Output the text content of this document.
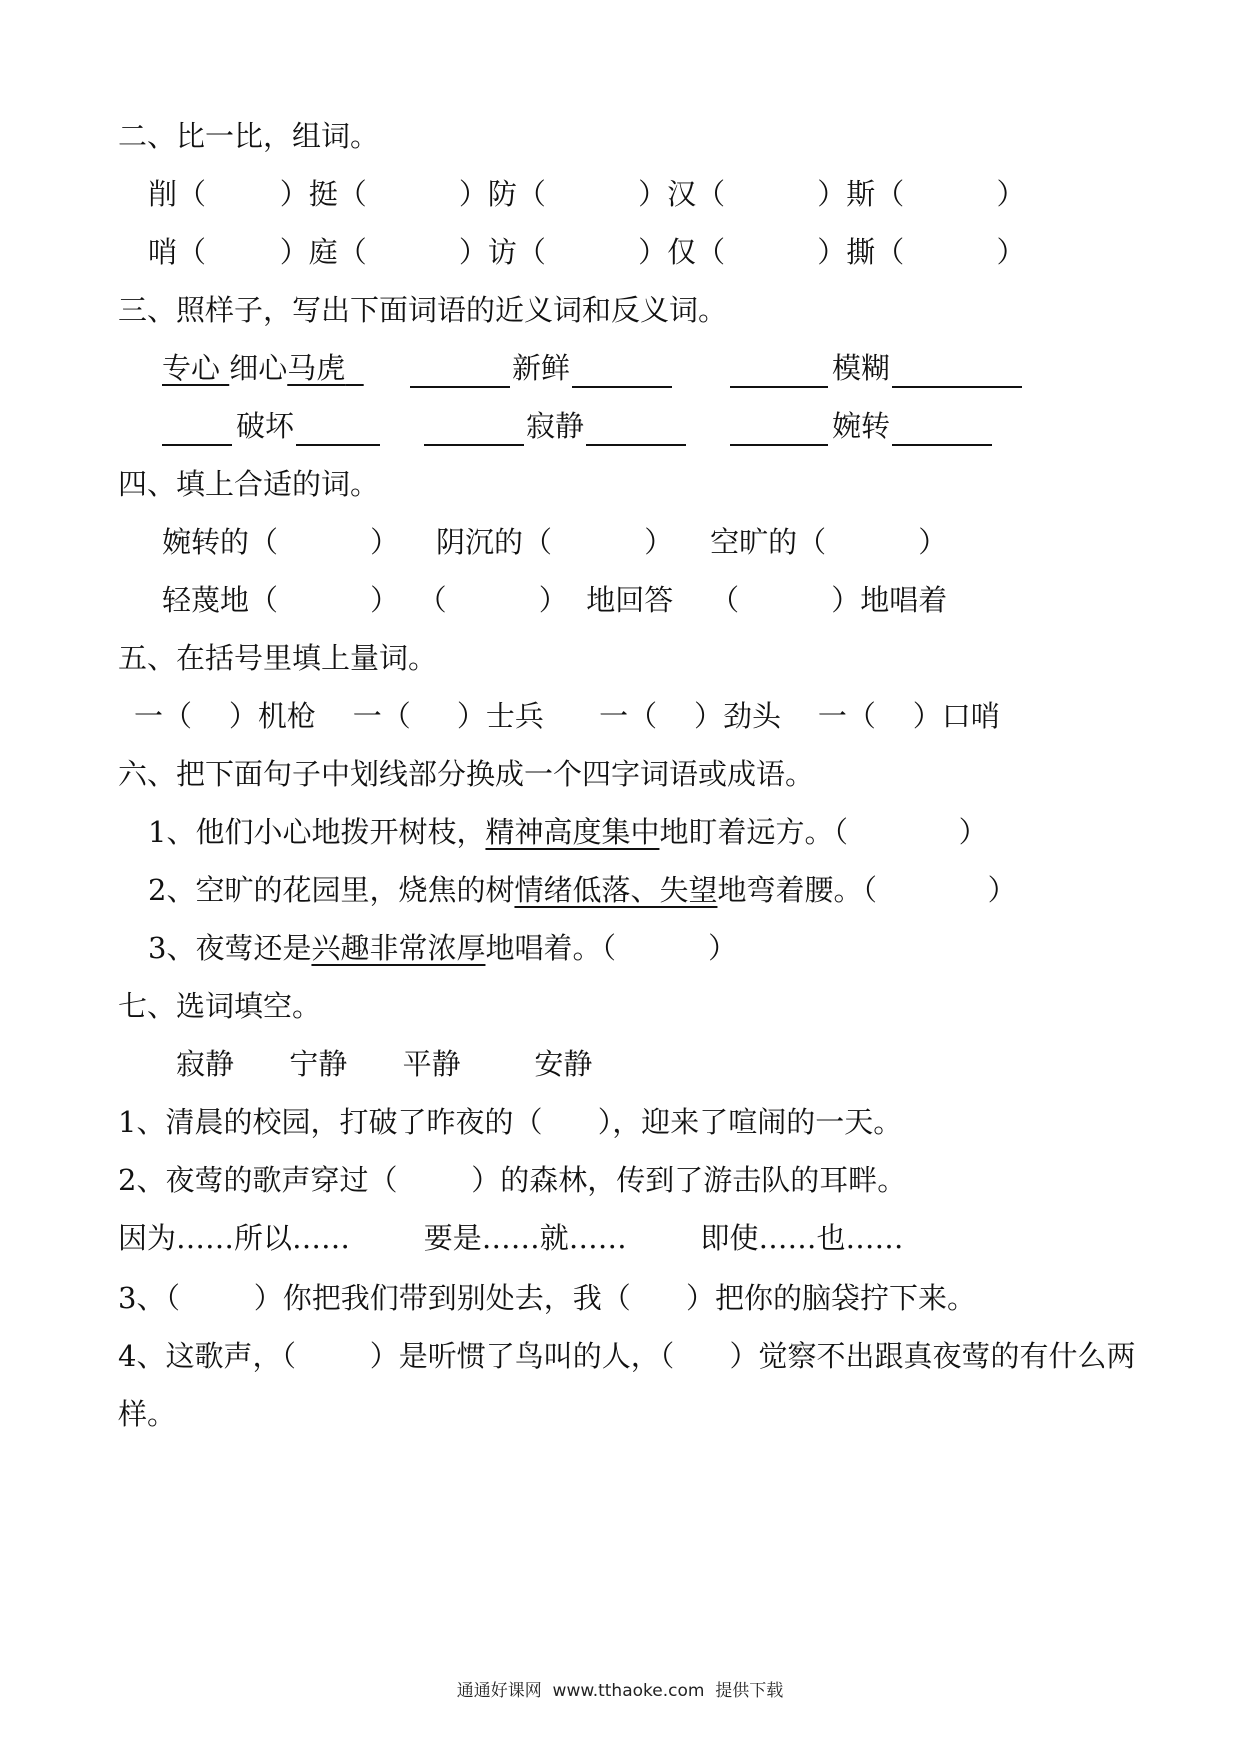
二、比一比，组词。
削（        ）挺（          ）防（          ）汉（          ）斯（          ）
哨（        ）庭（          ）访（          ）仅（          ）撕（          ）
三、照样子，写出下面词语的近义词和反义词。
专心 细心马虎	新鲜	模糊
破坏	寂静	婉转
四、填上合适的词。
婉转的（          ）    阴沉的（          ）    空旷的（          ）
轻蔑地（          ）  （          ）  地回答    （          ）地唱着
五、在括号里填上量词。
一（    ）机枪    一（     ）士兵      一（    ）劲头    一（    ）口哨
六、把下面句子中划线部分换成一个四字词语或成语。
1、他们小心地拨开树枝，精神高度集中地盯着远方。（            ）
2、空旷的花园里，烧焦的树情绪低落、失望地弯着腰。（            ）
3、夜莺还是兴趣非常浓厚地唱着。（          ）
七、选词填空。
寂静      宁静      平静        安静
1、清晨的校园，打破了昨夜的（      ），迎来了喧闹的一天。
2、夜莺的歌声穿过（        ）的森林，传到了游击队的耳畔。
因为……所以……        要是……就……        即使……也……
3、（        ）你把我们带到别处去，我（      ）把你的脑袋拧下来。
4、这歌声，（        ）是听惯了鸟叫的人，（      ）觉察不出跟真夜莺的有什么两
样。
通通好课网  www.tthaoke.com  提供下载
